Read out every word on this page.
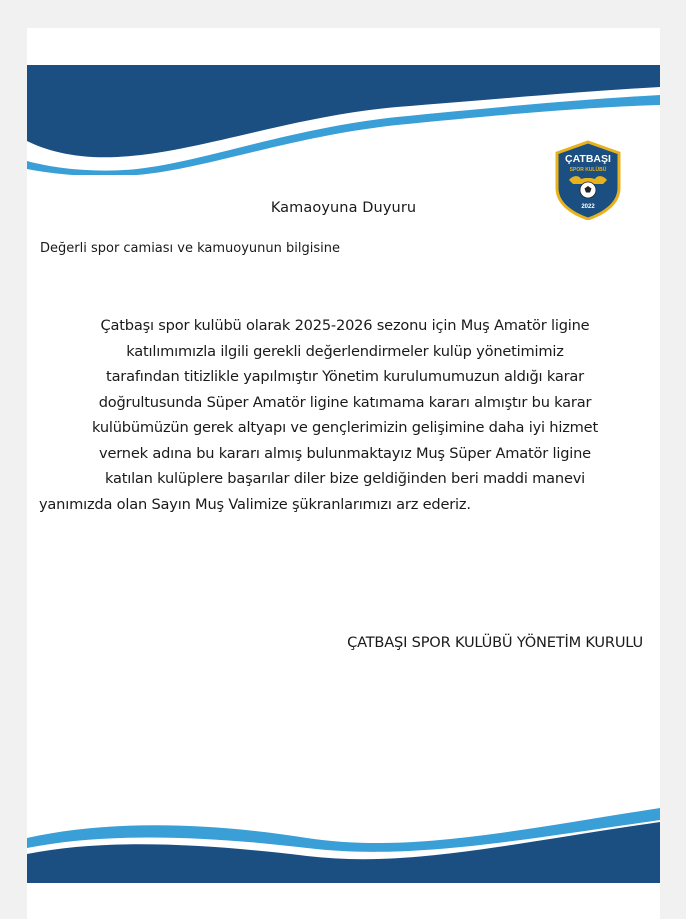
ÇATBAŞI
SPOR KULÜBÜ
2022
Kamaoyuna Duyuru
Değerli spor camiası ve kamuoyunun bilgisine
Çatbaşı spor kulübü olarak 2025-2026 sezonu için Muş Amatör ligine
katılımımızla ilgili gerekli değerlendirmeler kulüp yönetimimiz
tarafından titizlikle yapılmıştır Yönetim kurulumumuzun aldığı karar
doğrultusunda Süper Amatör ligine katımama kararı almıştır bu karar
kulübümüzün gerek altyapı ve gençlerimizin gelişimine daha iyi hizmet
vernek adına bu kararı almış bulunmaktayız Muş Süper Amatör ligine
katılan kulüplere başarılar diler bize geldiğinden beri maddi manevi
yanımızda olan Sayın Muş Valimize şükranlarımızı arz ederiz.
ÇATBAŞI SPOR KULÜBÜ YÖNETİM KURULU
